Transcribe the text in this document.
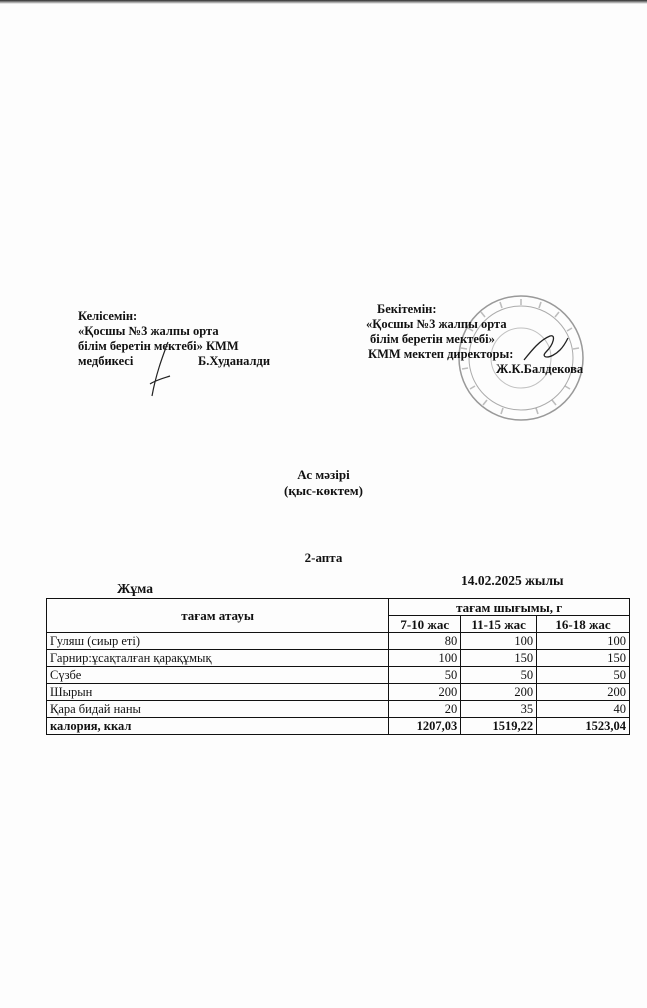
Келісемін:
«Қосшы №3 жалпы орта
білім беретін мектебі» КММ
медбикесі	Б.Худаналди
Бекітемін:
«Қосшы №3 жалпы орта
білім беретін мектебі»
КММ мектеп директоры:
Ж.К.Балдекова
Ас мәзірі
(қыс-көктем)
2-апта
Жұма
14.02.2025 жылы
тағам атауы	тағам шығымы, г		
	7-10 жас	11-15 жас	16-18 жас
Гуляш (сиыр еті)	80	100	100
Гарнир:ұсақталған қарақұмық	100	150	150
Сүзбе	50	50	50
Шырын	200	200	200
Қара бидай наны	20	35	40
калория, ккал	1207,03	1519,22	1523,04
